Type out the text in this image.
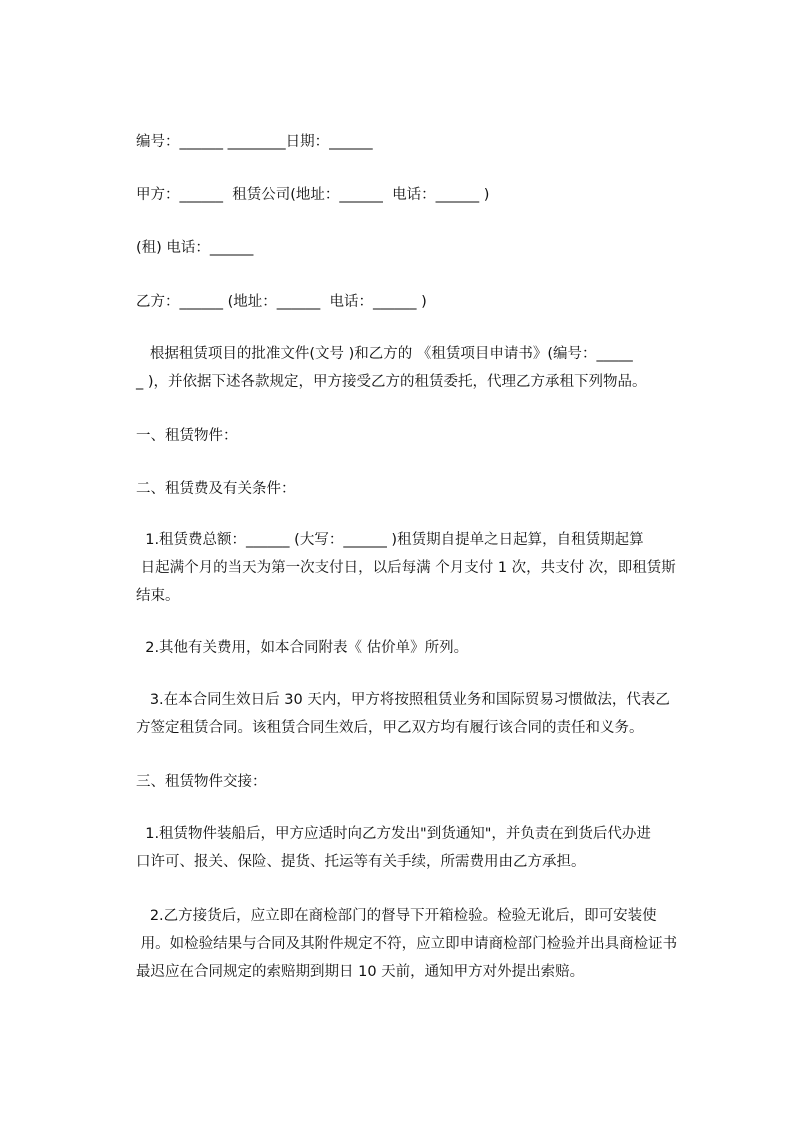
编号：______ ________日期：______
甲方：______  租赁公司(地址：______  电话：______ )
(租) 电话：______
乙方：______ (地址：______  电话：______ )
根据租赁项目的批准文件(文号 )和乙方的 《租赁项目申请书》(编号：_____
_ )，并依据下述各款规定，甲方接受乙方的租赁委托，代理乙方承租下列物品。
一、租赁物件：
二、租赁费及有关条件：
1.租赁费总额：______ (大写：______ )租赁期自提单之日起算，自租赁期起算
日起满个月的当天为第一次支付日，以后每满 个月支付 1 次，共支付 次，即租赁斯
结束。
2.其他有关费用，如本合同附表《 估价单》所列。
3.在本合同生效日后 30 天内，甲方将按照租赁业务和国际贸易习惯做法，代表乙
方签定租赁合同。该租赁合同生效后，甲乙双方均有履行该合同的责任和义务。
三、租赁物件交接：
1.租赁物件装船后，甲方应适时向乙方发出"到货通知"，并负责在到货后代办进
口许可、报关、保险、提货、托运等有关手续，所需费用由乙方承担。
2.乙方接货后，应立即在商检部门的督导下开箱检验。检验无讹后，即可安装使
用。如检验结果与合同及其附件规定不符，应立即申请商检部门检验并出具商检证书
最迟应在合同规定的索赔期到期日 10 天前，通知甲方对外提出索赔。
